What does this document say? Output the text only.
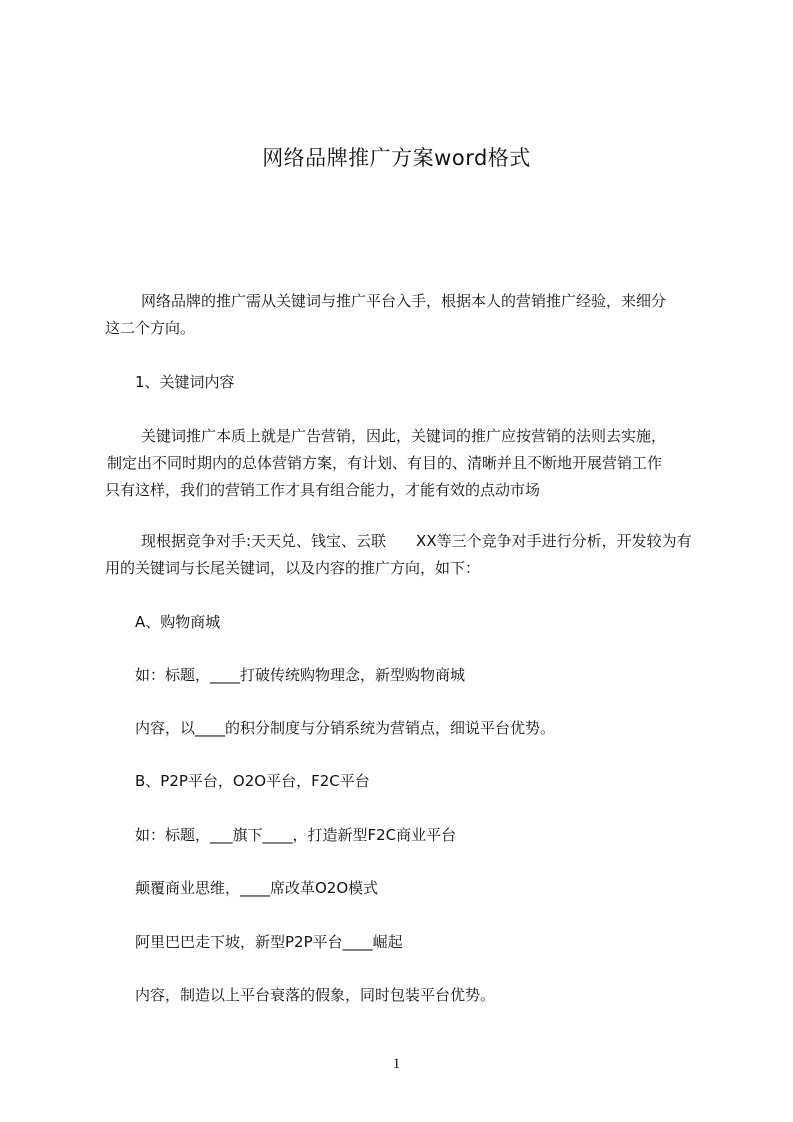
网络品牌推广方案word格式
网络品牌的推广需从关键词与推广平台入手，根据本人的营销推广经验，来细分
这二个方向。
1、关键词内容
关键词推广本质上就是广告营销，因此，关键词的推广应按营销的法则去实施，
制定出不同时期内的总体营销方案，有计划、有目的、清晰并且不断地开展营销工作
只有这样，我们的营销工作才具有组合能力，才能有效的点动市场
现根据竞争对手:天天兑、钱宝、云联　　XX等三个竞争对手进行分析，开发较为有
用的关键词与长尾关键词，以及内容的推广方向，如下：
A、购物商城
如：标题，____打破传统购物理念，新型购物商城
内容，以____的积分制度与分销系统为营销点，细说平台优势。
B、P2P平台，O2O平台，F2C平台
如：标题，___旗下____，打造新型F2C商业平台
颠覆商业思维，____席改革O2O模式
阿里巴巴走下坡，新型P2P平台____崛起
内容，制造以上平台衰落的假象，同时包装平台优势。
1
